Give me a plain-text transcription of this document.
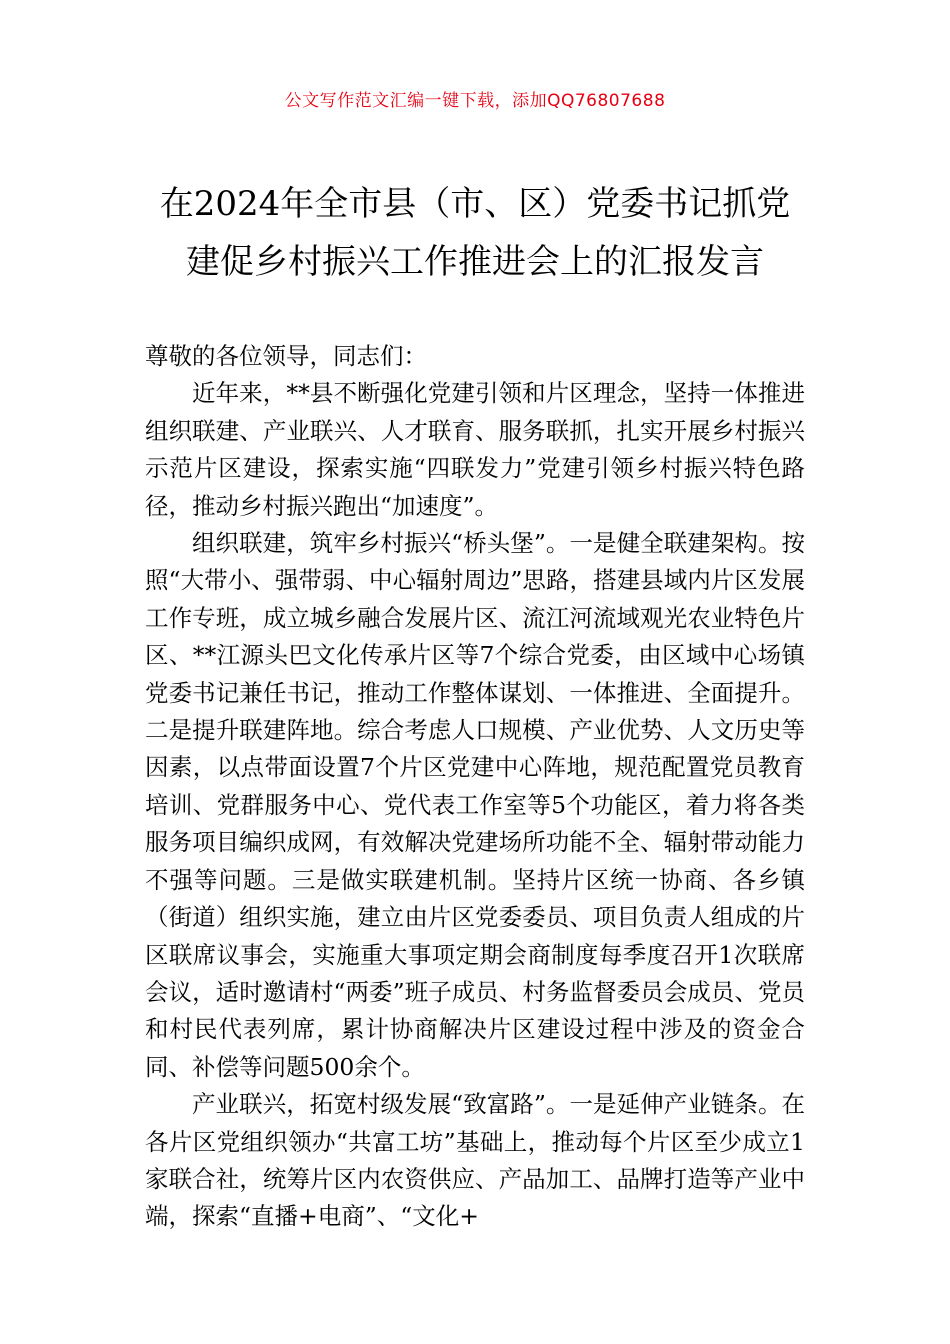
公文写作范文汇编一键下载，添加QQ76807688
在2024年全市县（市、区）党委书记抓党
建促乡村振兴工作推进会上的汇报发言

尊敬的各位领导，同志们：

近年来，**县不断强化党建引领和片区理念，坚持一体推进组织联建、产业联兴、人才联育、服务联抓，扎实开展乡村振兴示范片区建设，探索实施“四联发力”党建引领乡村振兴特色路径，推动乡村振兴跑出“加速度”。

组织联建，筑牢乡村振兴“桥头堡”。一是健全联建架构。按照“大带小、强带弱、中心辐射周边”思路，搭建县域内片区发展工作专班，成立城乡融合发展片区、流江河流域观光农业特色片区、**江源头巴文化传承片区等7个综合党委，由区域中心场镇党委书记兼任书记，推动工作整体谋划、一体推进、全面提升。二是提升联建阵地。综合考虑人口规模、产业优势、人文历史等因素，以点带面设置7个片区党建中心阵地，规范配置党员教育培训、党群服务中心、党代表工作室等5个功能区，着力将各类服务项目编织成网，有效解决党建场所功能不全、辐射带动能力不强等问题。三是做实联建机制。坚持片区统一协商、各乡镇（街道）组织实施，建立由片区党委委员、项目负责人组成的片区联席议事会，实施重大事项定期会商制度每季度召开1次联席会议，适时邀请村“两委”班子成员、村务监督委员会成员、党员和村民代表列席，累计协商解决片区建设过程中涉及的资金合同、补偿等问题500余个。

产业联兴，拓宽村级发展“致富路”。一是延伸产业链条。在各片区党组织领办“共富工坊”基础上，推动每个片区至少成立1家联合社，统筹片区内农资供应、产品加工、品牌打造等产业中端，探索“直播+电商”、“文化+
